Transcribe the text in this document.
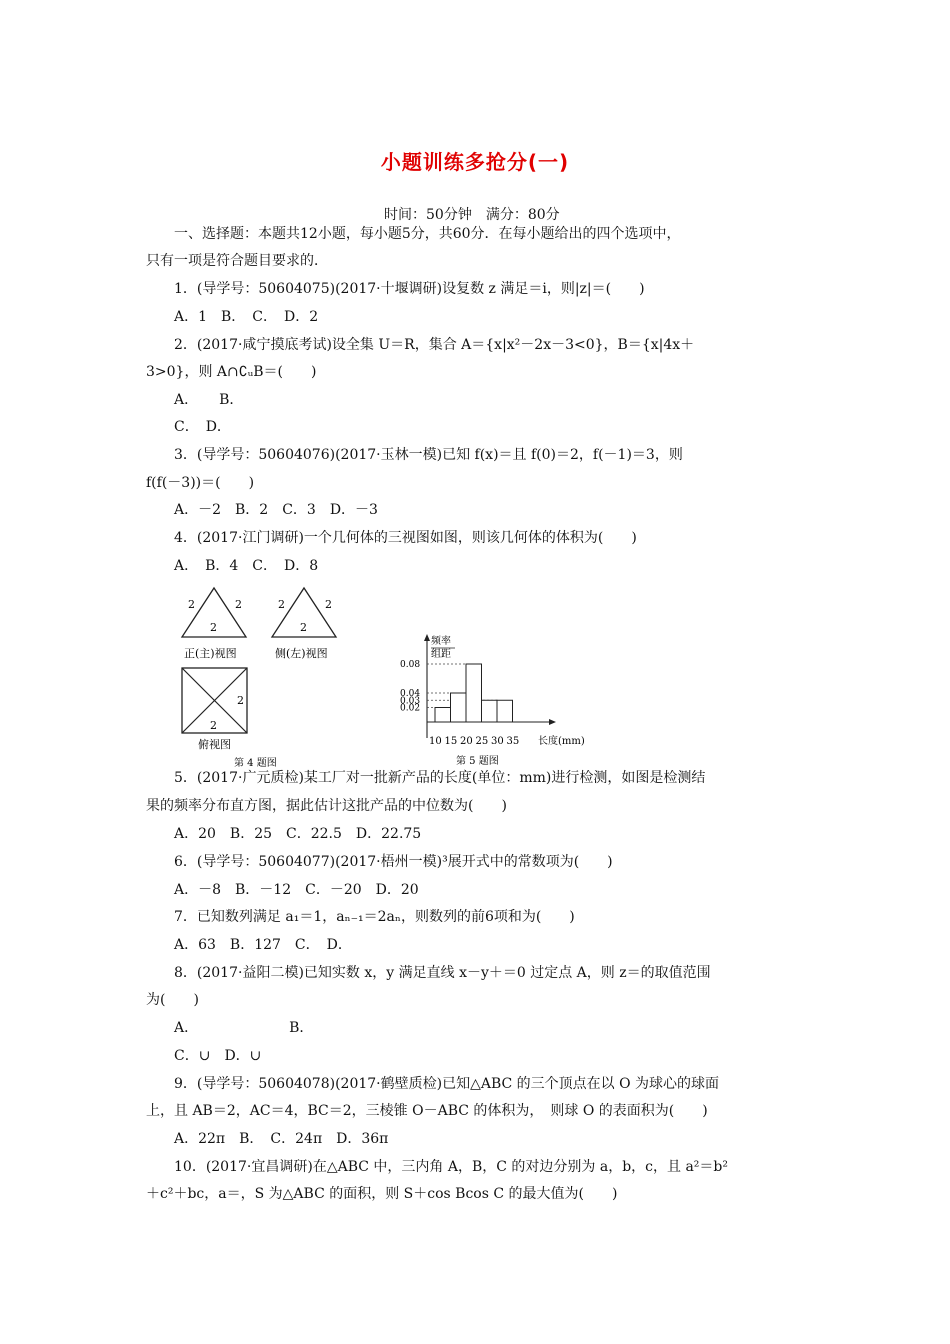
小题训练多抢分(一)
时间：50分钟　满分：80分
一、选择题：本题共12小题，每小题5分，共60分．在每小题给出的四个选项中，
只有一项是符合题目要求的．
1．(导学号：50604075)(2017·十堰调研)设复数 z 满足＝i，则|z|＝(　　)
A．1　B．　C．　D．2
2．(2017·咸宁摸底考试)设全集 U＝R，集合 A＝{x|x²－2x－3<0}，B＝{x|4x＋
3>0}，则 A∩∁ᵤB＝(　　)
A．　　B．
C．　D．
3．(导学号：50604076)(2017·玉林一模)已知 f(x)＝且 f(0)＝2，f(－1)＝3，则
f(f(－3))＝(　　)
A．－2　B．2　C．3　D．－3
4．(2017·江门调研)一个几何体的三视图如图，则该几何体的体积为(　　)
A．　B．4　C．　D．8
2	2
2
正(主)视图
2	2
2
侧(左)视图
2
2
俯视图
第 4 题图
频率
组距
长度(mm)
第 5 题图
0.02
0.03
0.04
0.08
10 15 20 25 30 35
5．(2017·广元质检)某工厂对一批新产品的长度(单位：mm)进行检测，如图是检测结
果的频率分布直方图，据此估计这批产品的中位数为(　　)
A．20　B．25　C．22.5　D．22.75
6．(导学号：50604077)(2017·梧州一模)³展开式中的常数项为(　　)
A．－8　B．－12　C．－20　D．20
7．已知数列满足 a₁＝1，aₙ₋₁＝2aₙ，则数列的前6项和为(　　)
A．63　B．127　C．　D．
8．(2017·益阳二模)已知实数 x，y 满足直线 x－y＋＝0 过定点 A，则 z＝的取值范围
为(　　)
A．　　　　　　　B．
C．∪　D．∪
9．(导学号：50604078)(2017·鹤壁质检)已知△ABC 的三个顶点在以 O 为球心的球面
上，且 AB＝2，AC＝4，BC＝2，三棱锥 O－ABC 的体积为，　则球 O 的表面积为(　　)
A．22π　B．　C．24π　D．36π
10．(2017·宜昌调研)在△ABC 中，三内角 A，B，C 的对边分别为 a，b，c，且 a²＝b²
＋c²＋bc，a＝，S 为△ABC 的面积，则 S＋cos Bcos C 的最大值为(　　)
